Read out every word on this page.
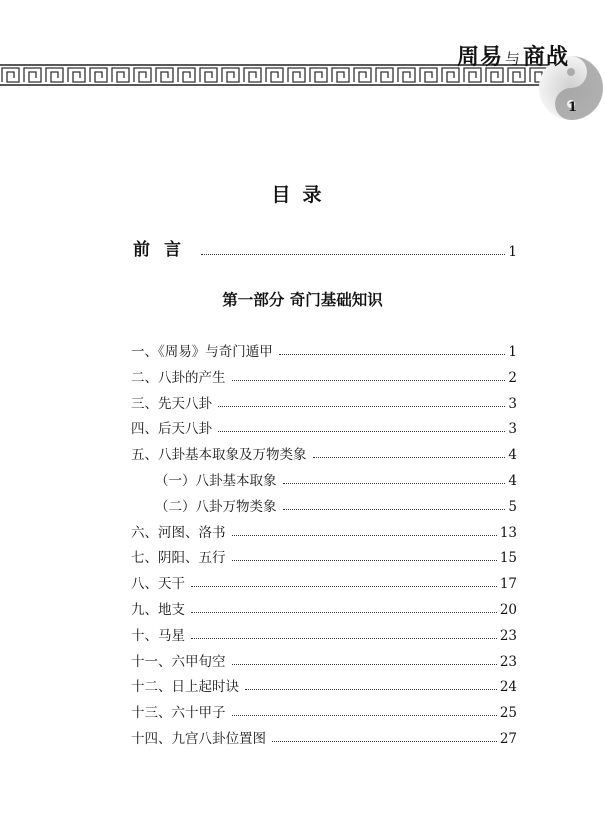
周易 与商战
1
目录
前言	1
第一部分 奇门基础知识
一、《周易》与奇门遁甲	1
二、八卦的产生	2
三、先天八卦	3
四、后天八卦	3
五、八卦基本取象及万物类象	4
（一）八卦基本取象	4
（二）八卦万物类象	5
六、河图、洛书	13
七、阴阳、五行	15
八、天干	17
九、地支	20
十、马星	23
十一、六甲旬空	23
十二、日上起时诀	24
十三、六十甲子	25
十四、九宫八卦位置图	27
